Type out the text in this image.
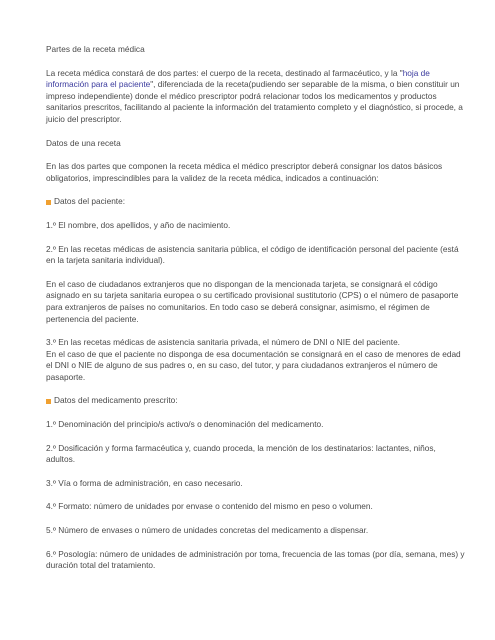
Partes de la receta médica

La receta médica constará de dos partes: el cuerpo de la receta, destinado al farmacéutico, y la "hoja de información para el paciente", diferenciada de la receta(pudiendo ser separable de la misma, o bien constituir un impreso independiente) donde el médico prescriptor podrá relacionar todos los medicamentos y productos sanitarios prescritos, facilitando al paciente la información del tratamiento completo y el diagnóstico, si procede, a juicio del prescriptor.

Datos de una receta

En las dos partes que componen la receta médica el médico prescriptor deberá consignar los datos básicos obligatorios, imprescindibles para la validez de la receta médica, indicados a continuación:

Datos del paciente:

1.º El nombre, dos apellidos, y año de nacimiento.

2.º En las recetas médicas de asistencia sanitaria pública, el código de identificación personal del paciente (está en la tarjeta sanitaria individual).

En el caso de ciudadanos extranjeros que no dispongan de la mencionada tarjeta, se consignará el código asignado en su tarjeta sanitaria europea o su certificado provisional sustitutorio (CPS) o el número de pasaporte para extranjeros de países no comunitarios. En todo caso se deberá consignar, asimismo, el régimen de pertenencia del paciente.

3.º En las recetas médicas de asistencia sanitaria privada, el número de DNI o NIE del paciente.

En el caso de que el paciente no disponga de esa documentación se consignará en el caso de menores de edad el DNI o NIE de alguno de sus padres o, en su caso, del tutor, y para ciudadanos extranjeros el número de pasaporte.

Datos del medicamento prescrito:

1.º Denominación del principio/s activo/s o denominación del medicamento.

2.º Dosificación y forma farmacéutica y, cuando proceda, la mención de los destinatarios: lactantes, niños, adultos.

3.º Vía o forma de administración, en caso necesario.

4.º Formato: número de unidades por envase o contenido del mismo en peso o volumen.

5.º Número de envases o número de unidades concretas del medicamento a dispensar.

6.º Posología: número de unidades de administración por toma, frecuencia de las tomas (por día, semana, mes) y duración total del tratamiento.
